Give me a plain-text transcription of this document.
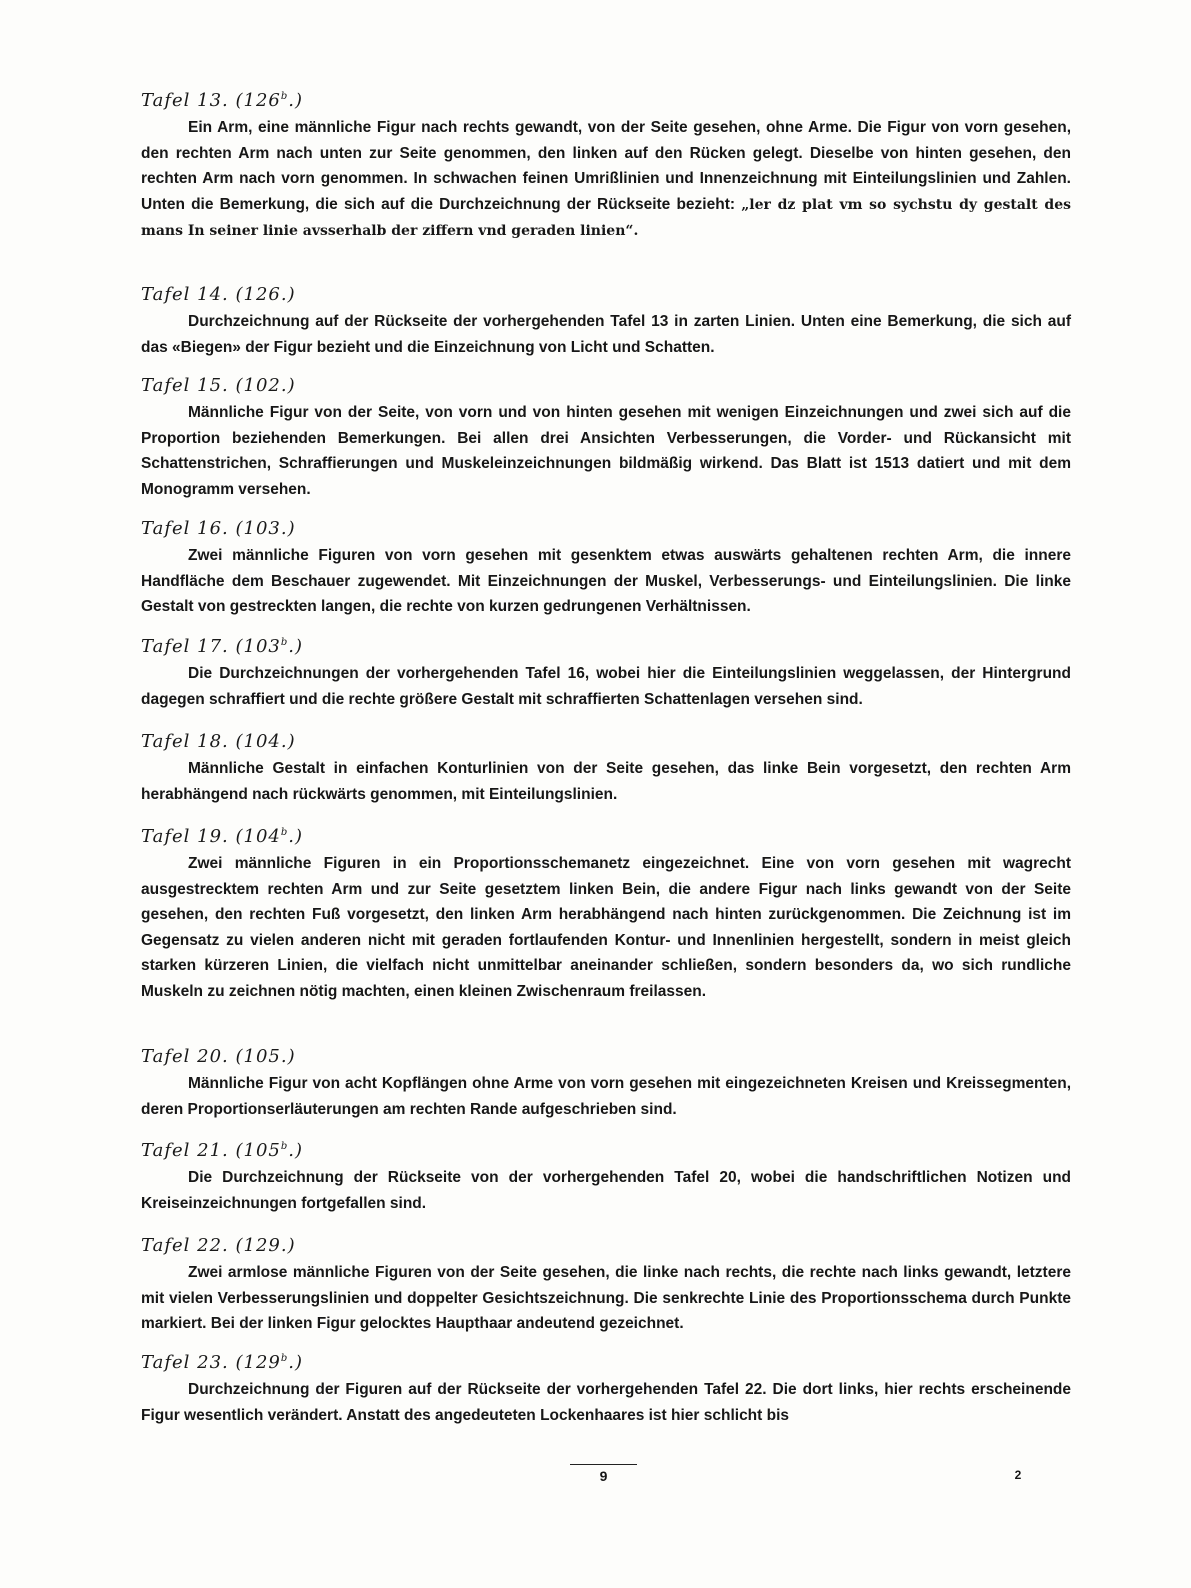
Tafel 13. (126$^b$.)
Ein Arm, eine männliche Figur nach rechts gewandt, von der Seite gesehen, ohne Arme. Die Figur von vorn gesehen, den rechten Arm nach unten zur Seite genommen, den linken auf den Rücken gelegt. Dieselbe von hinten gesehen, den rechten Arm nach vorn genommen. In schwachen feinen Umrißlinien und Innenzeichnung mit Einteilungslinien und Zahlen. Unten die Bemerkung, die sich auf die Durchzeichnung der Rückseite bezieht: „ler dz plat vm so sychstu dy gestalt des mans In seiner linie avsserhalb der ziffern vnd geraden linien“.
Tafel 14. (126.)
Durchzeichnung auf der Rückseite der vorhergehenden Tafel 13 in zarten Linien. Unten eine Bemerkung, die sich auf das «Biegen» der Figur bezieht und die Einzeichnung von Licht und Schatten.
Tafel 15. (102.)
Männliche Figur von der Seite, von vorn und von hinten gesehen mit wenigen Einzeichnungen und zwei sich auf die Proportion beziehenden Bemerkungen. Bei allen drei Ansichten Verbesserungen, die Vorder- und Rückansicht mit Schattenstrichen, Schraffierungen und Muskeleinzeichnungen bildmäßig wirkend. Das Blatt ist 1513 datiert und mit dem Monogramm versehen.
Tafel 16. (103.)
Zwei männliche Figuren von vorn gesehen mit gesenktem etwas auswärts gehaltenen rechten Arm, die innere Handfläche dem Beschauer zugewendet. Mit Einzeichnungen der Muskel, Verbesserungs- und Einteilungslinien. Die linke Gestalt von gestreckten langen, die rechte von kurzen gedrungenen Verhältnissen.
Tafel 17. (103$^b$.)
Die Durchzeichnungen der vorhergehenden Tafel 16, wobei hier die Einteilungslinien weggelassen, der Hintergrund dagegen schraffiert und die rechte größere Gestalt mit schraffierten Schattenlagen versehen sind.
Tafel 18. (104.)
Männliche Gestalt in einfachen Konturlinien von der Seite gesehen, das linke Bein vorgesetzt, den rechten Arm herabhängend nach rückwärts genommen, mit Einteilungslinien.
Tafel 19. (104$^b$.)
Zwei männliche Figuren in ein Proportionsschemanetz eingezeichnet. Eine von vorn gesehen mit wagrecht ausgestrecktem rechten Arm und zur Seite gesetztem linken Bein, die andere Figur nach links gewandt von der Seite gesehen, den rechten Fuß vorgesetzt, den linken Arm herabhängend nach hinten zurückgenommen. Die Zeichnung ist im Gegensatz zu vielen anderen nicht mit geraden fortlaufenden Kontur- und Innenlinien hergestellt, sondern in meist gleich starken kürzeren Linien, die vielfach nicht unmittelbar aneinander schließen, sondern besonders da, wo sich rundliche Muskeln zu zeichnen nötig machten, einen kleinen Zwischenraum freilassen.
Tafel 20. (105.)
Männliche Figur von acht Kopflängen ohne Arme von vorn gesehen mit eingezeichneten Kreisen und Kreissegmenten, deren Proportionserläuterungen am rechten Rande aufgeschrieben sind.
Tafel 21. (105$^b$.)
Die Durchzeichnung der Rückseite von der vorhergehenden Tafel 20, wobei die handschriftlichen Notizen und Kreiseinzeichnungen fortgefallen sind.
Tafel 22. (129.)
Zwei armlose männliche Figuren von der Seite gesehen, die linke nach rechts, die rechte nach links gewandt, letztere mit vielen Verbesserungslinien und doppelter Gesichtszeichnung. Die senkrechte Linie des Proportionsschema durch Punkte markiert. Bei der linken Figur gelocktes Haupthaar andeutend gezeichnet.
Tafel 23. (129$^b$.)
Durchzeichnung der Figuren auf der Rückseite der vorhergehenden Tafel 22. Die dort links, hier rechts erscheinende Figur wesentlich verändert. Anstatt des angedeuteten Lockenhaares ist hier schlicht bis
9	2
